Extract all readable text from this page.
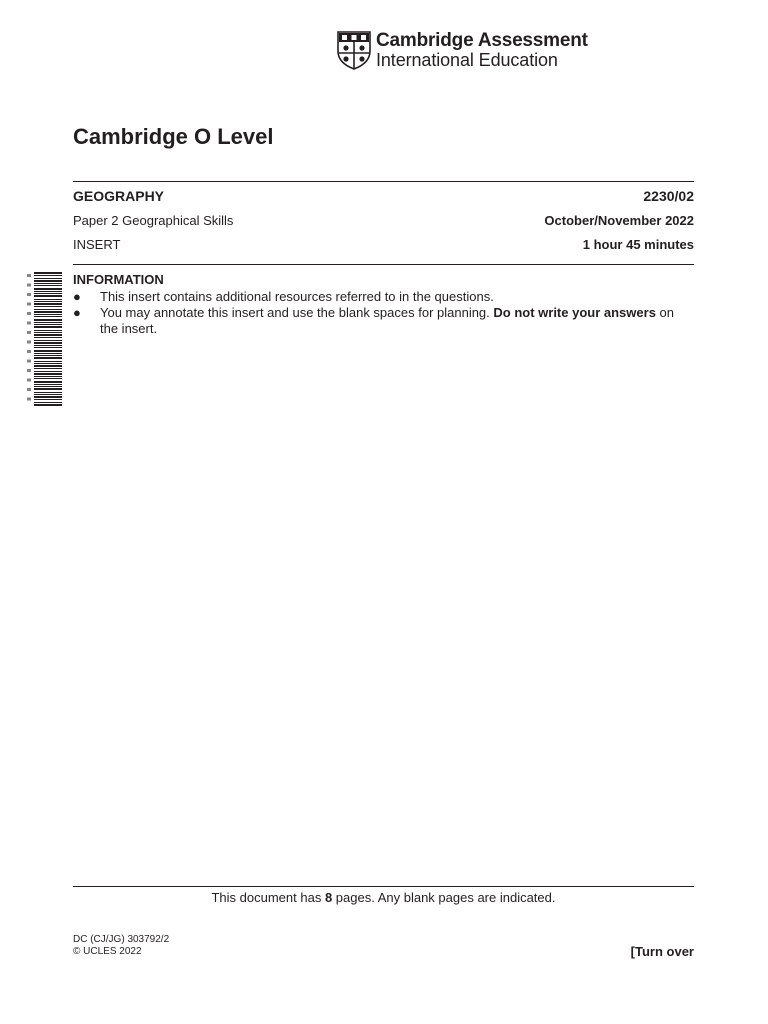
Cambridge Assessment
International Education
Cambridge O Level
GEOGRAPHY	2230/02
Paper 2 Geographical Skills	October/November 2022
INSERT	1 hour 45 minutes
INFORMATION
●	This insert contains additional resources referred to in the questions.
●	You may annotate this insert and use the blank spaces for planning. Do not write your answers on the insert.
This document has 8 pages. Any blank pages are indicated.
DC (CJ/JG) 303792/2
© UCLES 2022	[Turn over
